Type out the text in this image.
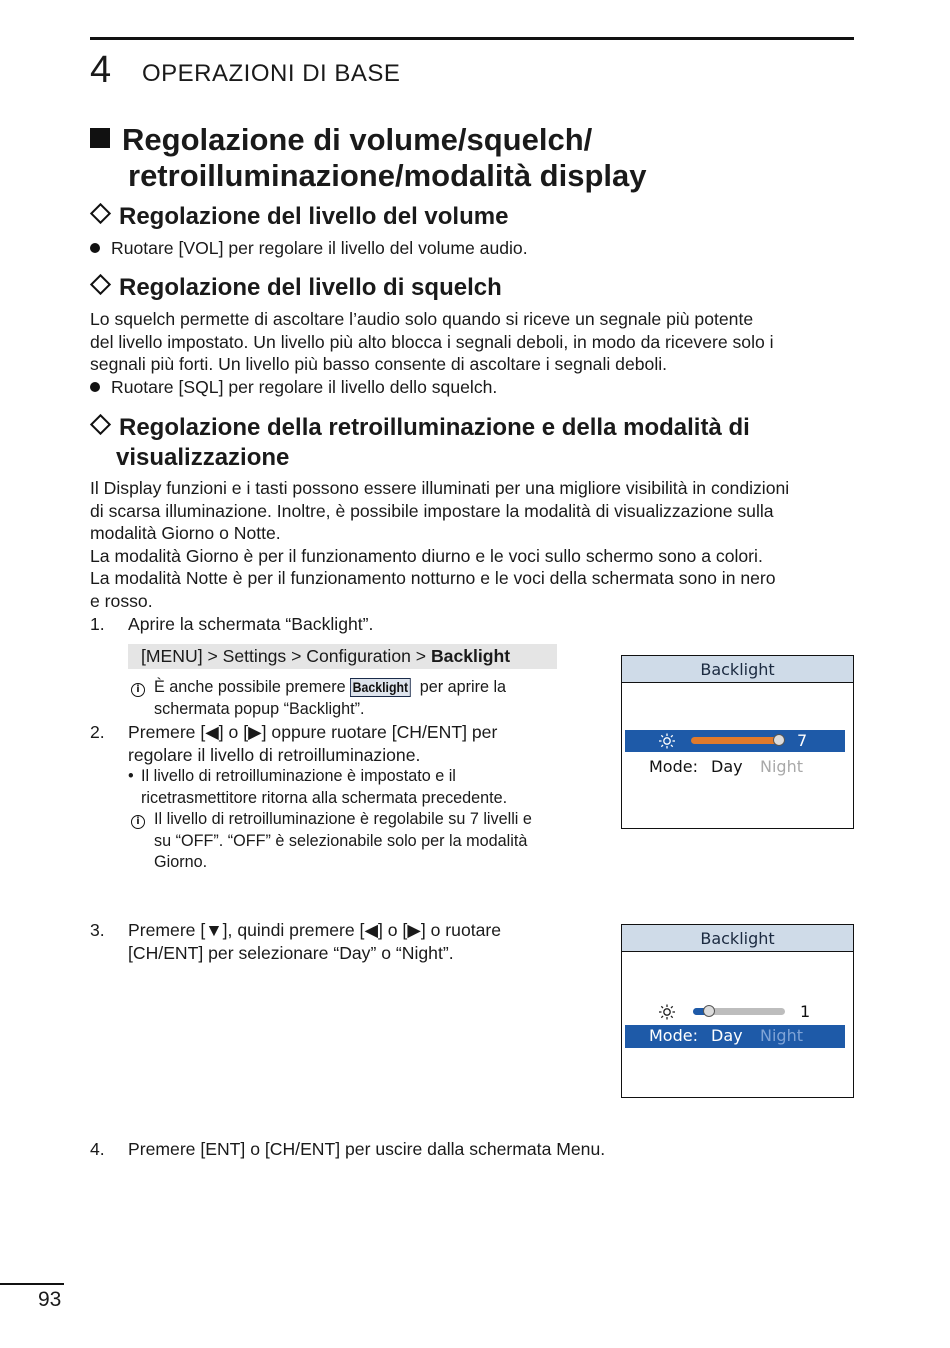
4 OPERAZIONI DI BASE
Regolazione di volume/squelch/
retroilluminazione/modalità display
Regolazione del livello del volume
Ruotare [VOL] per regolare il livello del volume audio.
Regolazione del livello di squelch
Lo squelch permette di ascoltare l’audio solo quando si riceve un segnale più potente
del livello impostato. Un livello più alto blocca i segnali deboli, in modo da ricevere solo i
segnali più forti. Un livello più basso consente di ascoltare i segnali deboli.
Ruotare [SQL] per regolare il livello dello squelch.
Regolazione della retroilluminazione e della modalità di
visualizzazione
Il Display funzioni e i tasti possono essere illuminati per una migliore visibilità in condizioni
di scarsa illuminazione. Inoltre, è possibile impostare la modalità di visualizzazione sulla
modalità Giorno o Notte.
La modalità Giorno è per il funzionamento diurno e le voci sullo schermo sono a colori.
La modalità Notte è per il funzionamento notturno e le voci della schermata sono in nero
e rosso.
1. Aprire la schermata “Backlight”.
[MENU] > Settings > Configuration > Backlight
i È anche possibile premere Backlight per aprire la
schermata popup “Backlight”.
2. Premere [◀] o [▶] oppure ruotare [CH/ENT] per
regolare il livello di retroilluminazione.
• Il livello di retroilluminazione è impostato e il
ricetrasmettitore ritorna alla schermata precedente.
i Il livello di retroilluminazione è regolabile su 7 livelli e
su “OFF”. “OFF” è selezionabile solo per la modalità
Giorno.
Backlight
7
Mode: Day Night
3. Premere [▼], quindi premere [◀] o [▶] o ruotare
[CH/ENT] per selezionare “Day” o “Night”.
Backlight
1
Mode: Day Night
4. Premere [ENT] o [CH/ENT] per uscire dalla schermata Menu.
93
